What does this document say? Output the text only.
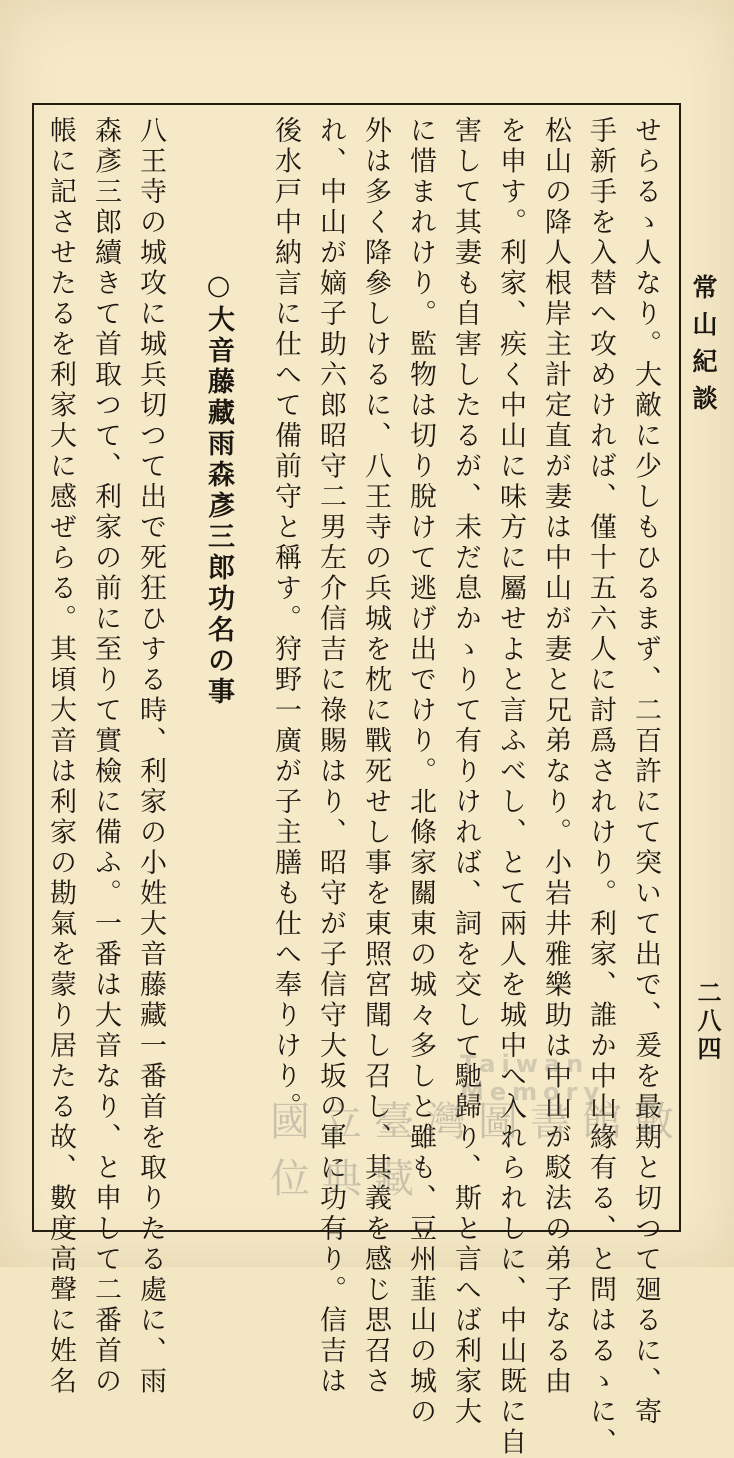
常山紀談
二八四
せらるゝ人なり。大敵に少しもひるまず、二百許にて突いて出で、爰を最期と切つて廻るに、寄
手新手を入替へ攻めければ、僅十五六人に討爲されけり。利家、誰か中山緣有る、と問はるゝに、
松山の降人根岸主計定直が妻は中山が妻と兄弟なり。小岩井雅樂助は中山が駁法の弟子なる由
を申す。利家、疾く中山に味方に屬せよと言ふべし、とて兩人を城中へ入れられしに、中山既に自
害して其妻も自害したるが、未だ息かゝりて有りければ、詞を交して馳歸り、斯と言へば利家大
に惜まれけり。監物は切り脫けて逃げ出でけり。北條家關東の城々多しと雖も、豆州韮山の城の
外は多く降參しけるに、八王寺の兵城を枕に戰死せし事を東照宮聞し召し、其義を感じ思召さ
れ、中山が嫡子助六郎昭守二男左介信吉に祿賜はり、昭守が子信守大坂の軍に功有り。信吉は
後水戸中納言に仕へて備前守と稱す。狩野一廣が子主膳も仕へ奉りけり。
○大音藤藏雨森彥三郎功名の事
八王寺の城攻に城兵切つて出で死狂ひする時、利家の小姓大音藤藏一番首を取りたる處に、雨
森彥三郎續きて首取つて、利家の前に至りて實檢に備ふ。一番は大音なり、と申して二番首の
帳に記させたるを利家大に感ぜらる。其頃大音は利家の勘氣を蒙り居たる故、數度高聲に姓名	Taiwan Memory
國立臺灣圖書館數位典藏
